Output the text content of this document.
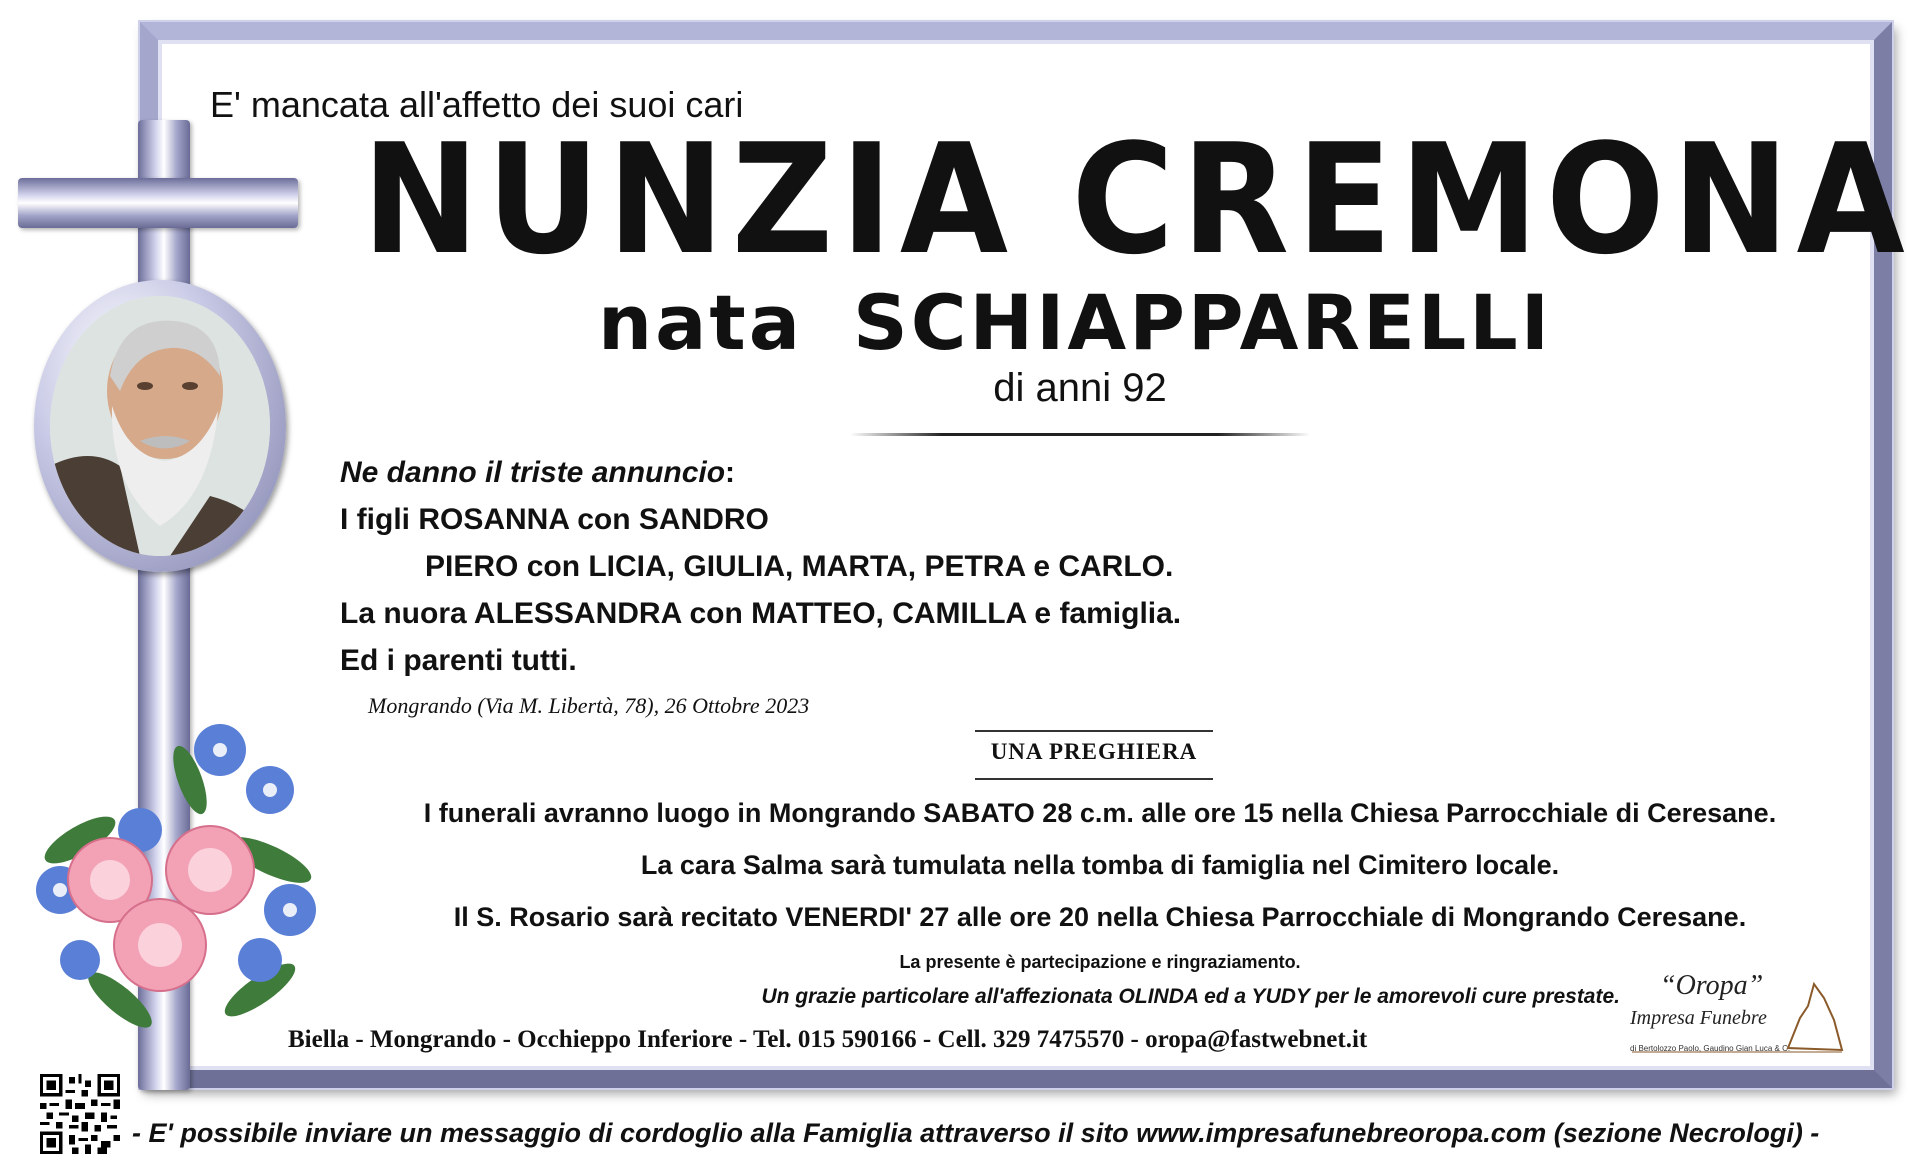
E' mancata all'affetto dei suoi cari
NUNZIA CREMONA
nata SCHIAPPARELLI
di anni 92
Ne danno il triste annuncio:
I figli ROSANNA con SANDRO
PIERO con LICIA, GIULIA, MARTA, PETRA e CARLO.
La nuora ALESSANDRA con MATTEO, CAMILLA e famiglia.
Ed i parenti tutti.
Mongrando (Via M. Libertà, 78), 26 Ottobre 2023
UNA PREGHIERA
I funerali avranno luogo in Mongrando SABATO 28 c.m. alle ore 15 nella Chiesa Parrocchiale di Ceresane.
La cara Salma sarà tumulata nella tomba di famiglia nel Cimitero locale.
Il S. Rosario sarà recitato VENERDI' 27 alle ore 20 nella Chiesa Parrocchiale di Mongrando Ceresane.
La presente è partecipazione e ringraziamento.
Un grazie particolare all'affezionata OLINDA ed a YUDY per le amorevoli cure prestate.
Biella - Mongrando - Occhieppo Inferiore - Tel. 015 590166 - Cell. 329 7475570 - oropa@fastwebnet.it
“Oropa”
Impresa Funebre
di Bertolozzo Paolo, Gaudino Gian Luca & C.
- E' possibile inviare un messaggio di cordoglio alla Famiglia attraverso il sito www.impresafunebreoropa.com (sezione Necrologi) -
